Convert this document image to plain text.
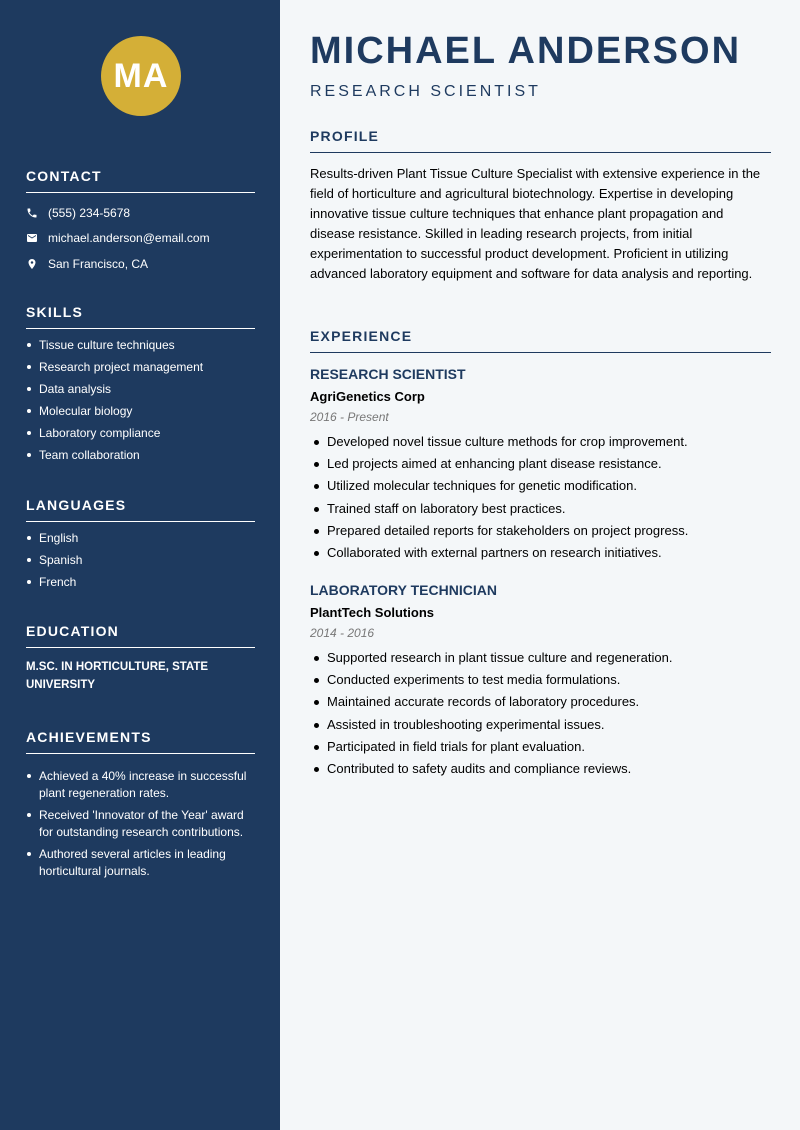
MA
CONTACT
(555) 234-5678
michael.anderson@email.com
San Francisco, CA
SKILLS
Tissue culture techniques
Research project management
Data analysis
Molecular biology
Laboratory compliance
Team collaboration
LANGUAGES
English
Spanish
French
EDUCATION
M.SC. IN HORTICULTURE, STATE UNIVERSITY
ACHIEVEMENTS
Achieved a 40% increase in successful plant regeneration rates.
Received 'Innovator of the Year' award for outstanding research contributions.
Authored several articles in leading horticultural journals.
MICHAEL ANDERSON
RESEARCH SCIENTIST
PROFILE

Results-driven Plant Tissue Culture Specialist with extensive experience in the field of horticulture and agricultural biotechnology. Expertise in developing innovative tissue culture techniques that enhance plant propagation and disease resistance. Skilled in leading research projects, from initial experimentation to successful product development. Proficient in utilizing advanced laboratory equipment and software for data analysis and reporting.

EXPERIENCE
RESEARCH SCIENTIST
AgriGenetics Corp
2016 - Present
Developed novel tissue culture methods for crop improvement.
Led projects aimed at enhancing plant disease resistance.
Utilized molecular techniques for genetic modification.
Trained staff on laboratory best practices.
Prepared detailed reports for stakeholders on project progress.
Collaborated with external partners on research initiatives.
LABORATORY TECHNICIAN
PlantTech Solutions
2014 - 2016
Supported research in plant tissue culture and regeneration.
Conducted experiments to test media formulations.
Maintained accurate records of laboratory procedures.
Assisted in troubleshooting experimental issues.
Participated in field trials for plant evaluation.
Contributed to safety audits and compliance reviews.
